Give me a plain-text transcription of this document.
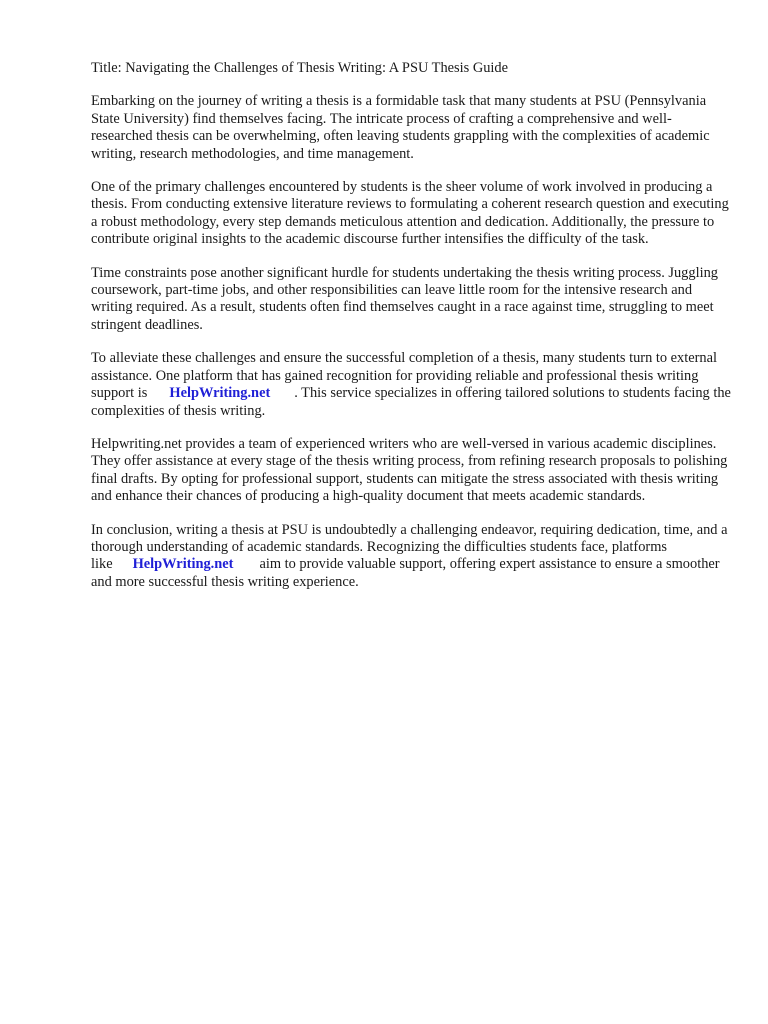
Title: Navigating the Challenges of Thesis Writing: A PSU Thesis Guide

Embarking on the journey of writing a thesis is a formidable task that many students at PSU (Pennsylvania State University) find themselves facing. The intricate process of crafting a comprehensive and well-researched thesis can be overwhelming, often leaving students grappling with the complexities of academic writing, research methodologies, and time management.

One of the primary challenges encountered by students is the sheer volume of work involved in producing a thesis. From conducting extensive literature reviews to formulating a coherent research question and executing a robust methodology, every step demands meticulous attention and dedication. Additionally, the pressure to contribute original insights to the academic discourse further intensifies the difficulty of the task.

Time constraints pose another significant hurdle for students undertaking the thesis writing process. Juggling coursework, part-time jobs, and other responsibilities can leave little room for the intensive research and writing required. As a result, students often find themselves caught in a race against time, struggling to meet stringent deadlines.

To alleviate these challenges and ensure the successful completion of a thesis, many students turn to external assistance. One platform that has gained recognition for providing reliable and professional thesis writing support is HelpWriting.net . This service specializes in offering tailored solutions to students facing the complexities of thesis writing.

Helpwriting.net provides a team of experienced writers who are well-versed in various academic disciplines. They offer assistance at every stage of the thesis writing process, from refining research proposals to polishing final drafts. By opting for professional support, students can mitigate the stress associated with thesis writing and enhance their chances of producing a high-quality document that meets academic standards.

In conclusion, writing a thesis at PSU is undoubtedly a challenging endeavor, requiring dedication, time, and a thorough understanding of academic standards. Recognizing the difficulties students face, platforms like HelpWriting.net aim to provide valuable support, offering expert assistance to ensure a smoother and more successful thesis writing experience.
